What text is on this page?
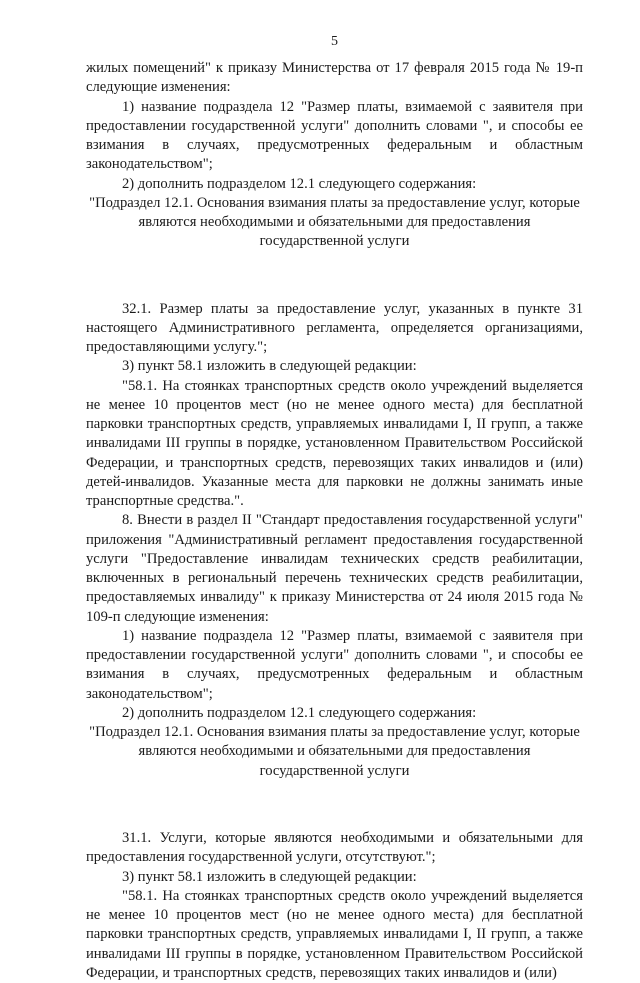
5

жилых помещений" к приказу Министерства от 17 февраля 2015 года № 19-п следующие изменения:

1) название подраздела 12 "Размер платы, взимаемой с заявителя при предоставлении государственной услуги" дополнить словами ", и способы ее взимания в случаях, предусмотренных федеральным и областным законодательством";

2) дополнить подразделом 12.1 следующего содержания:

"Подраздел 12.1. Основания взимания платы за предоставление услуг, которые являются необходимыми и обязательными для предоставления государственной услуги

32.1. Размер платы за предоставление услуг, указанных в пункте 31 настоящего Административного регламента, определяется организациями, предоставляющими услугу.";

3) пункт 58.1 изложить в следующей редакции:

"58.1. На стоянках транспортных средств около учреждений выделяется не менее 10 процентов мест (но не менее одного места) для бесплатной парковки транспортных средств, управляемых инвалидами I, II групп, а также инвалидами III группы в порядке, установленном Правительством Российской Федерации, и транспортных средств, перевозящих таких инвалидов и (или) детей-инвалидов. Указанные места для парковки не должны занимать иные транспортные средства.".

8. Внести в раздел II "Стандарт предоставления государственной услуги" приложения "Административный регламент предоставления государственной услуги "Предоставление инвалидам технических средств реабилитации, включенных в региональный перечень технических средств реабилитации, предоставляемых инвалиду" к приказу Министерства от 24 июля 2015 года № 109-п следующие изменения:

1) название подраздела 12 "Размер платы, взимаемой с заявителя при предоставлении государственной услуги" дополнить словами ", и способы ее взимания в случаях, предусмотренных федеральным и областным законодательством";

2) дополнить подразделом 12.1 следующего содержания:

"Подраздел 12.1. Основания взимания платы за предоставление услуг, которые являются необходимыми и обязательными для предоставления государственной услуги

31.1. Услуги, которые являются необходимыми и обязательными для предоставления государственной услуги, отсутствуют.";

3) пункт 58.1 изложить в следующей редакции:

"58.1. На стоянках транспортных средств около учреждений выделяется не менее 10 процентов мест (но не менее одного места) для бесплатной парковки транспортных средств, управляемых инвалидами I, II групп, а также инвалидами III группы в порядке, установленном Правительством Российской Федерации, и транспортных средств, перевозящих таких инвалидов и (или)
